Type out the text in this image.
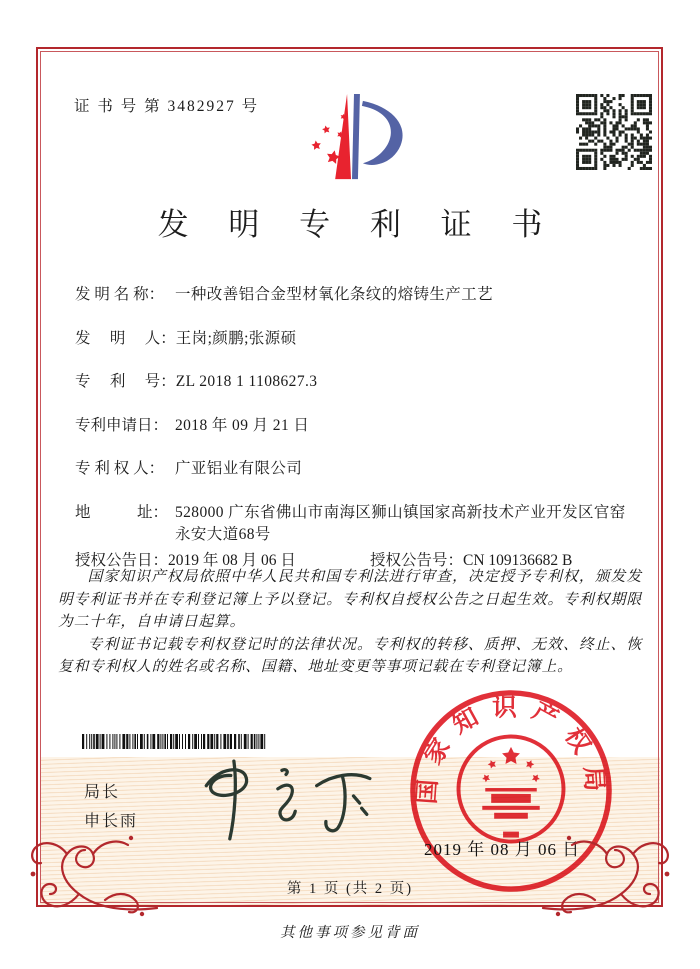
证 书 号 第 3482927 号
发 明 专 利 证 书
发 明 名 称： 一种改善铝合金型材氧化条纹的熔铸生产工艺
发　 明　 人： 王岗;颜鹏;张源硕
专　 利　 号： ZL 2018 1 1108627.3
专利申请日： 2018 年 09 月 21 日
专 利 权 人： 广亚铝业有限公司
地　　　址： 528000 广东省佛山市南海区狮山镇国家高新技术产业开发区官窑永安大道68号
授权公告日： 2019 年 08 月 06 日	授权公告号： CN 109136682 B

国家知识产权局依照中华人民共和国专利法进行审查，决定授予专利权，颁发发明专利证书并在专利登记簿上予以登记。专利权自授权公告之日起生效。专利权期限为二十年，自申请日起算。

专利证书记载专利权登记时的法律状况。专利权的转移、质押、无效、终止、恢复和专利权人的姓名或名称、国籍、地址变更等事项记载在专利登记簿上。

局长
申长雨
国家知识产权局
2019 年 08 月 06 日
第 1 页 (共 2 页)
其他事项参见背面
